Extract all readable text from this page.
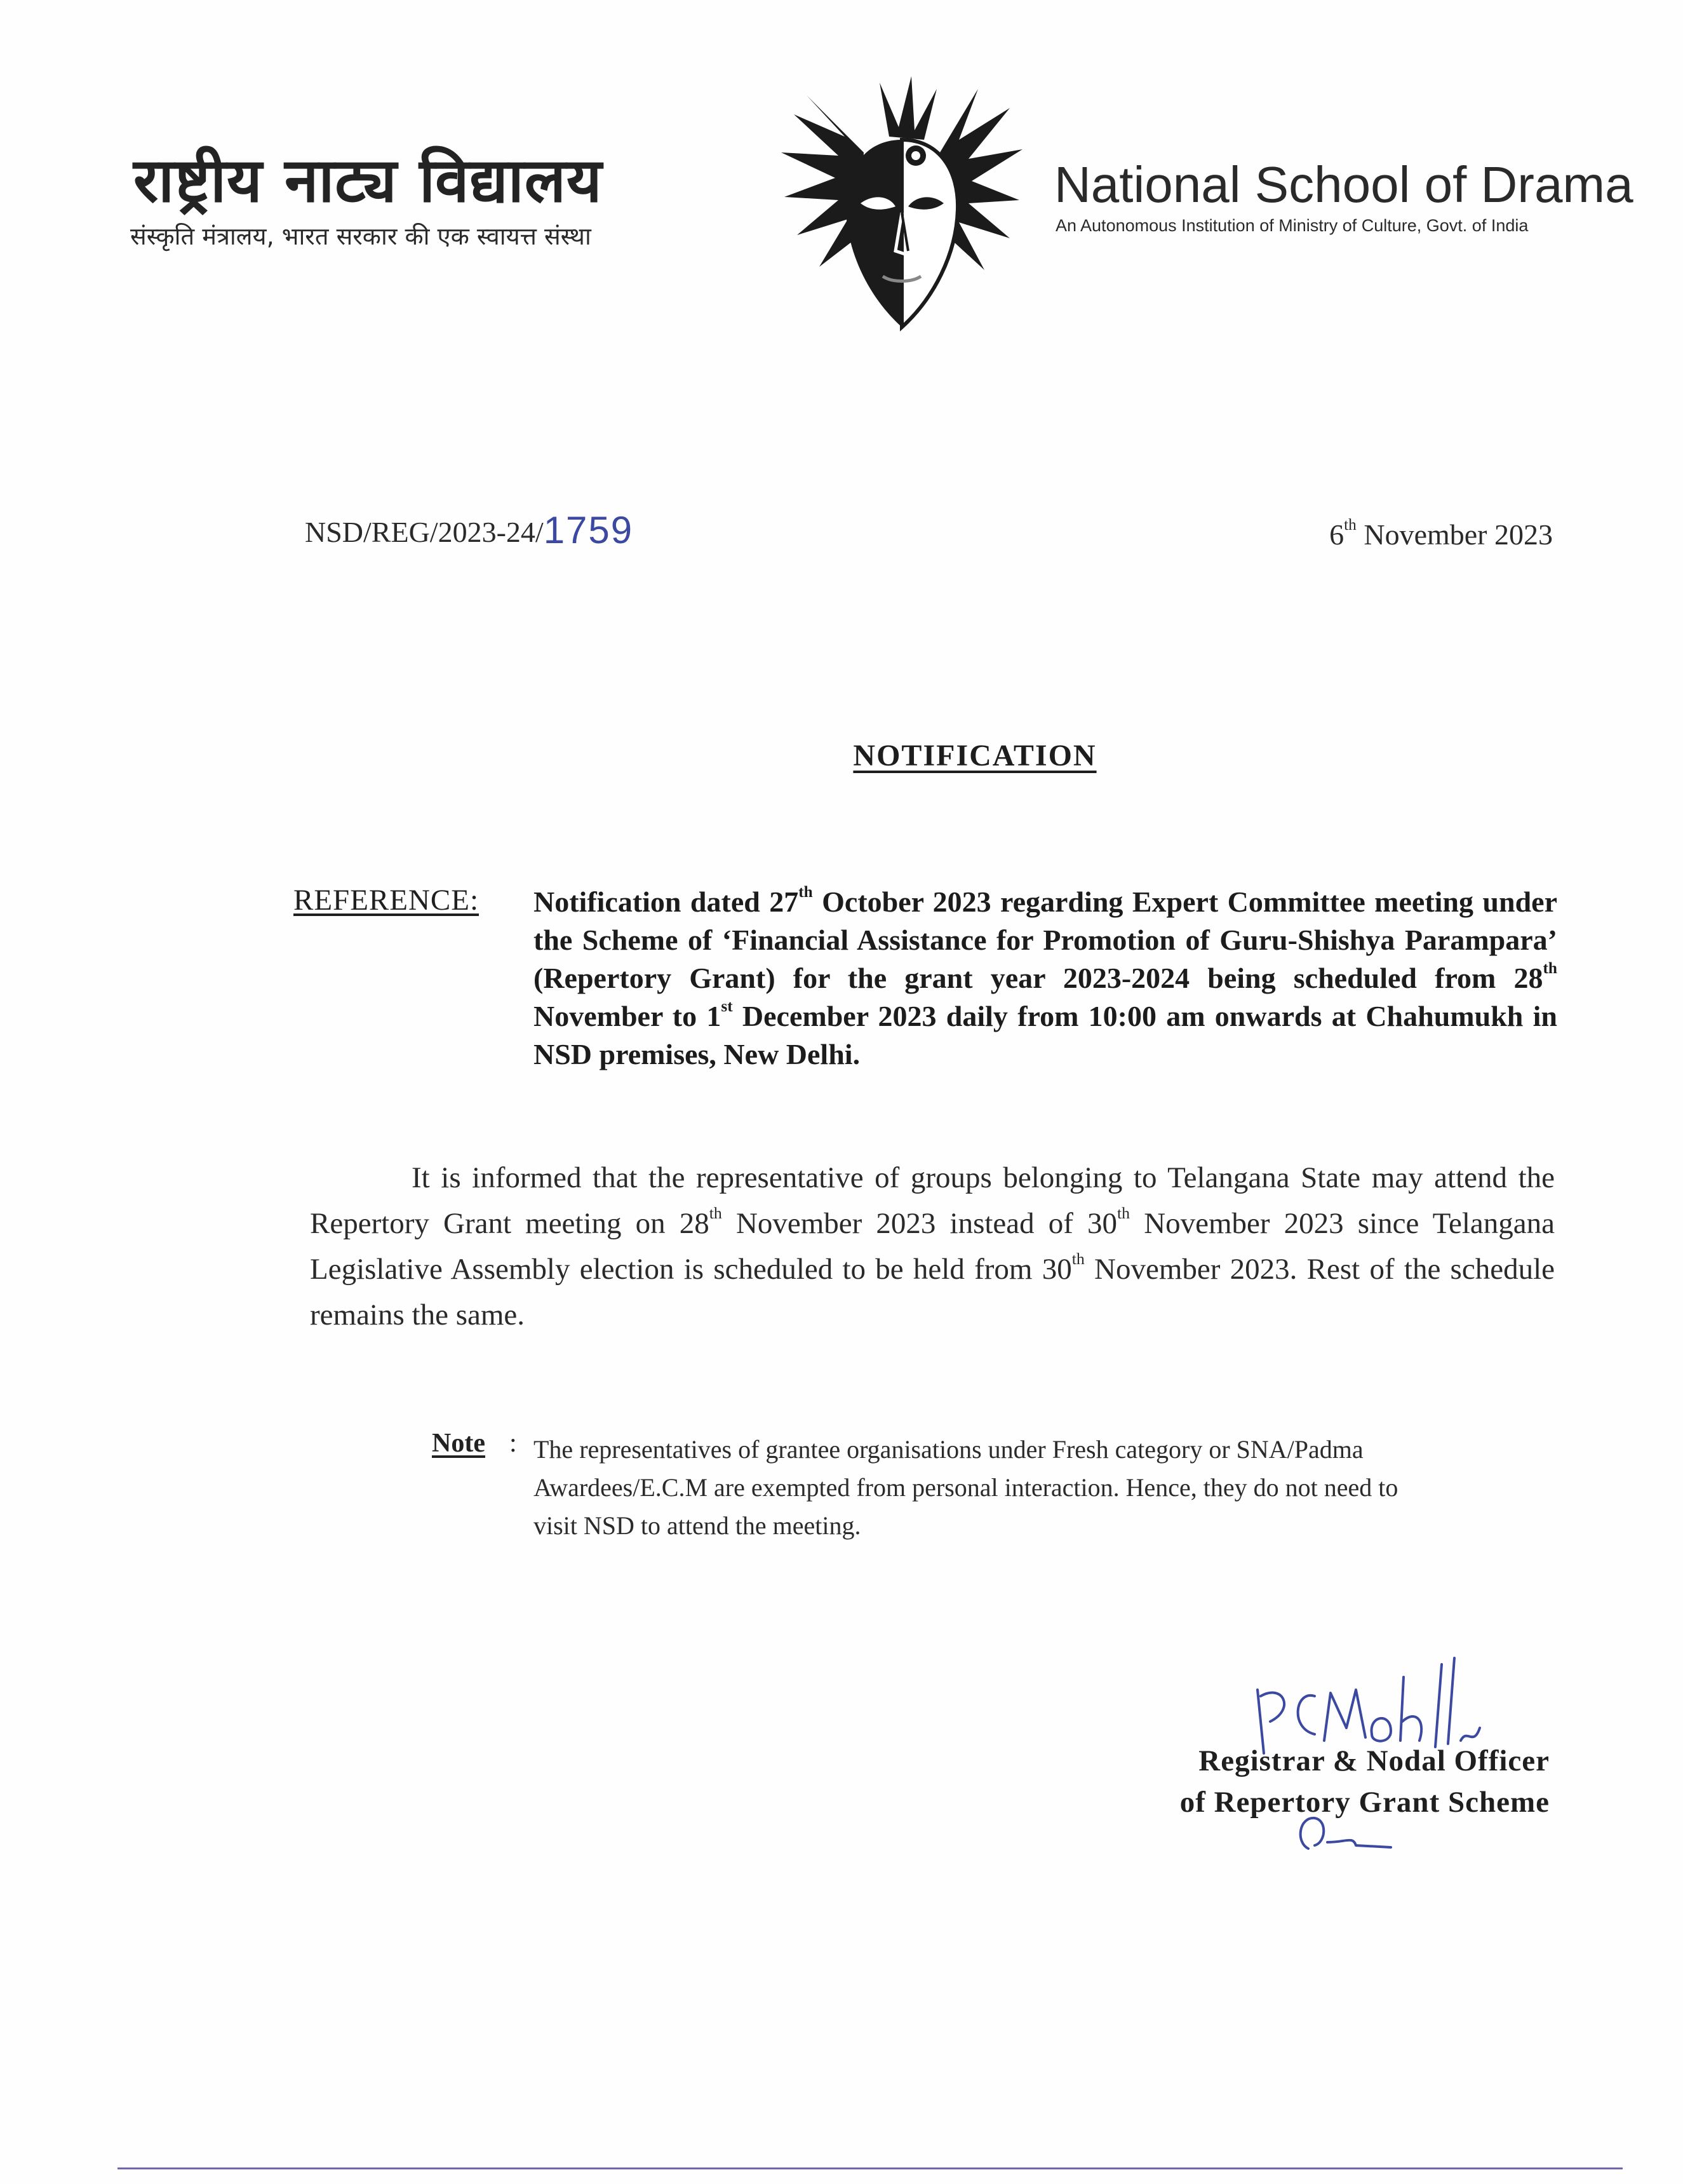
राष्ट्रीय नाट्य विद्यालय
संस्कृति मंत्रालय, भारत सरकार की एक स्वायत्त संस्था
National School of Drama
An Autonomous Institution of Ministry of Culture, Govt. of India
NSD/REG/2023-24/1759	6th November 2023
NOTIFICATION
REFERENCE: Notification dated 27th October 2023 regarding Expert Committee meeting under the Scheme of ‘Financial Assistance for Promotion of Guru-Shishya Parampara’ (Repertory Grant) for the grant year 2023-2024 being scheduled from 28th November to 1st December 2023 daily from 10:00 am onwards at Chahumukh in NSD premises, New Delhi.
It is informed that the representative of groups belonging to Telangana State may attend the Repertory Grant meeting on 28th November 2023 instead of 30th November 2023 since Telangana Legislative Assembly election is scheduled to be held from 30th November 2023. Rest of the schedule remains the same.
Note : The representatives of grantee organisations under Fresh category or SNA/Padma Awardees/E.C.M are exempted from personal interaction. Hence, they do not need to visit NSD to attend the meeting.
Registrar & Nodal Officer
of Repertory Grant Scheme
